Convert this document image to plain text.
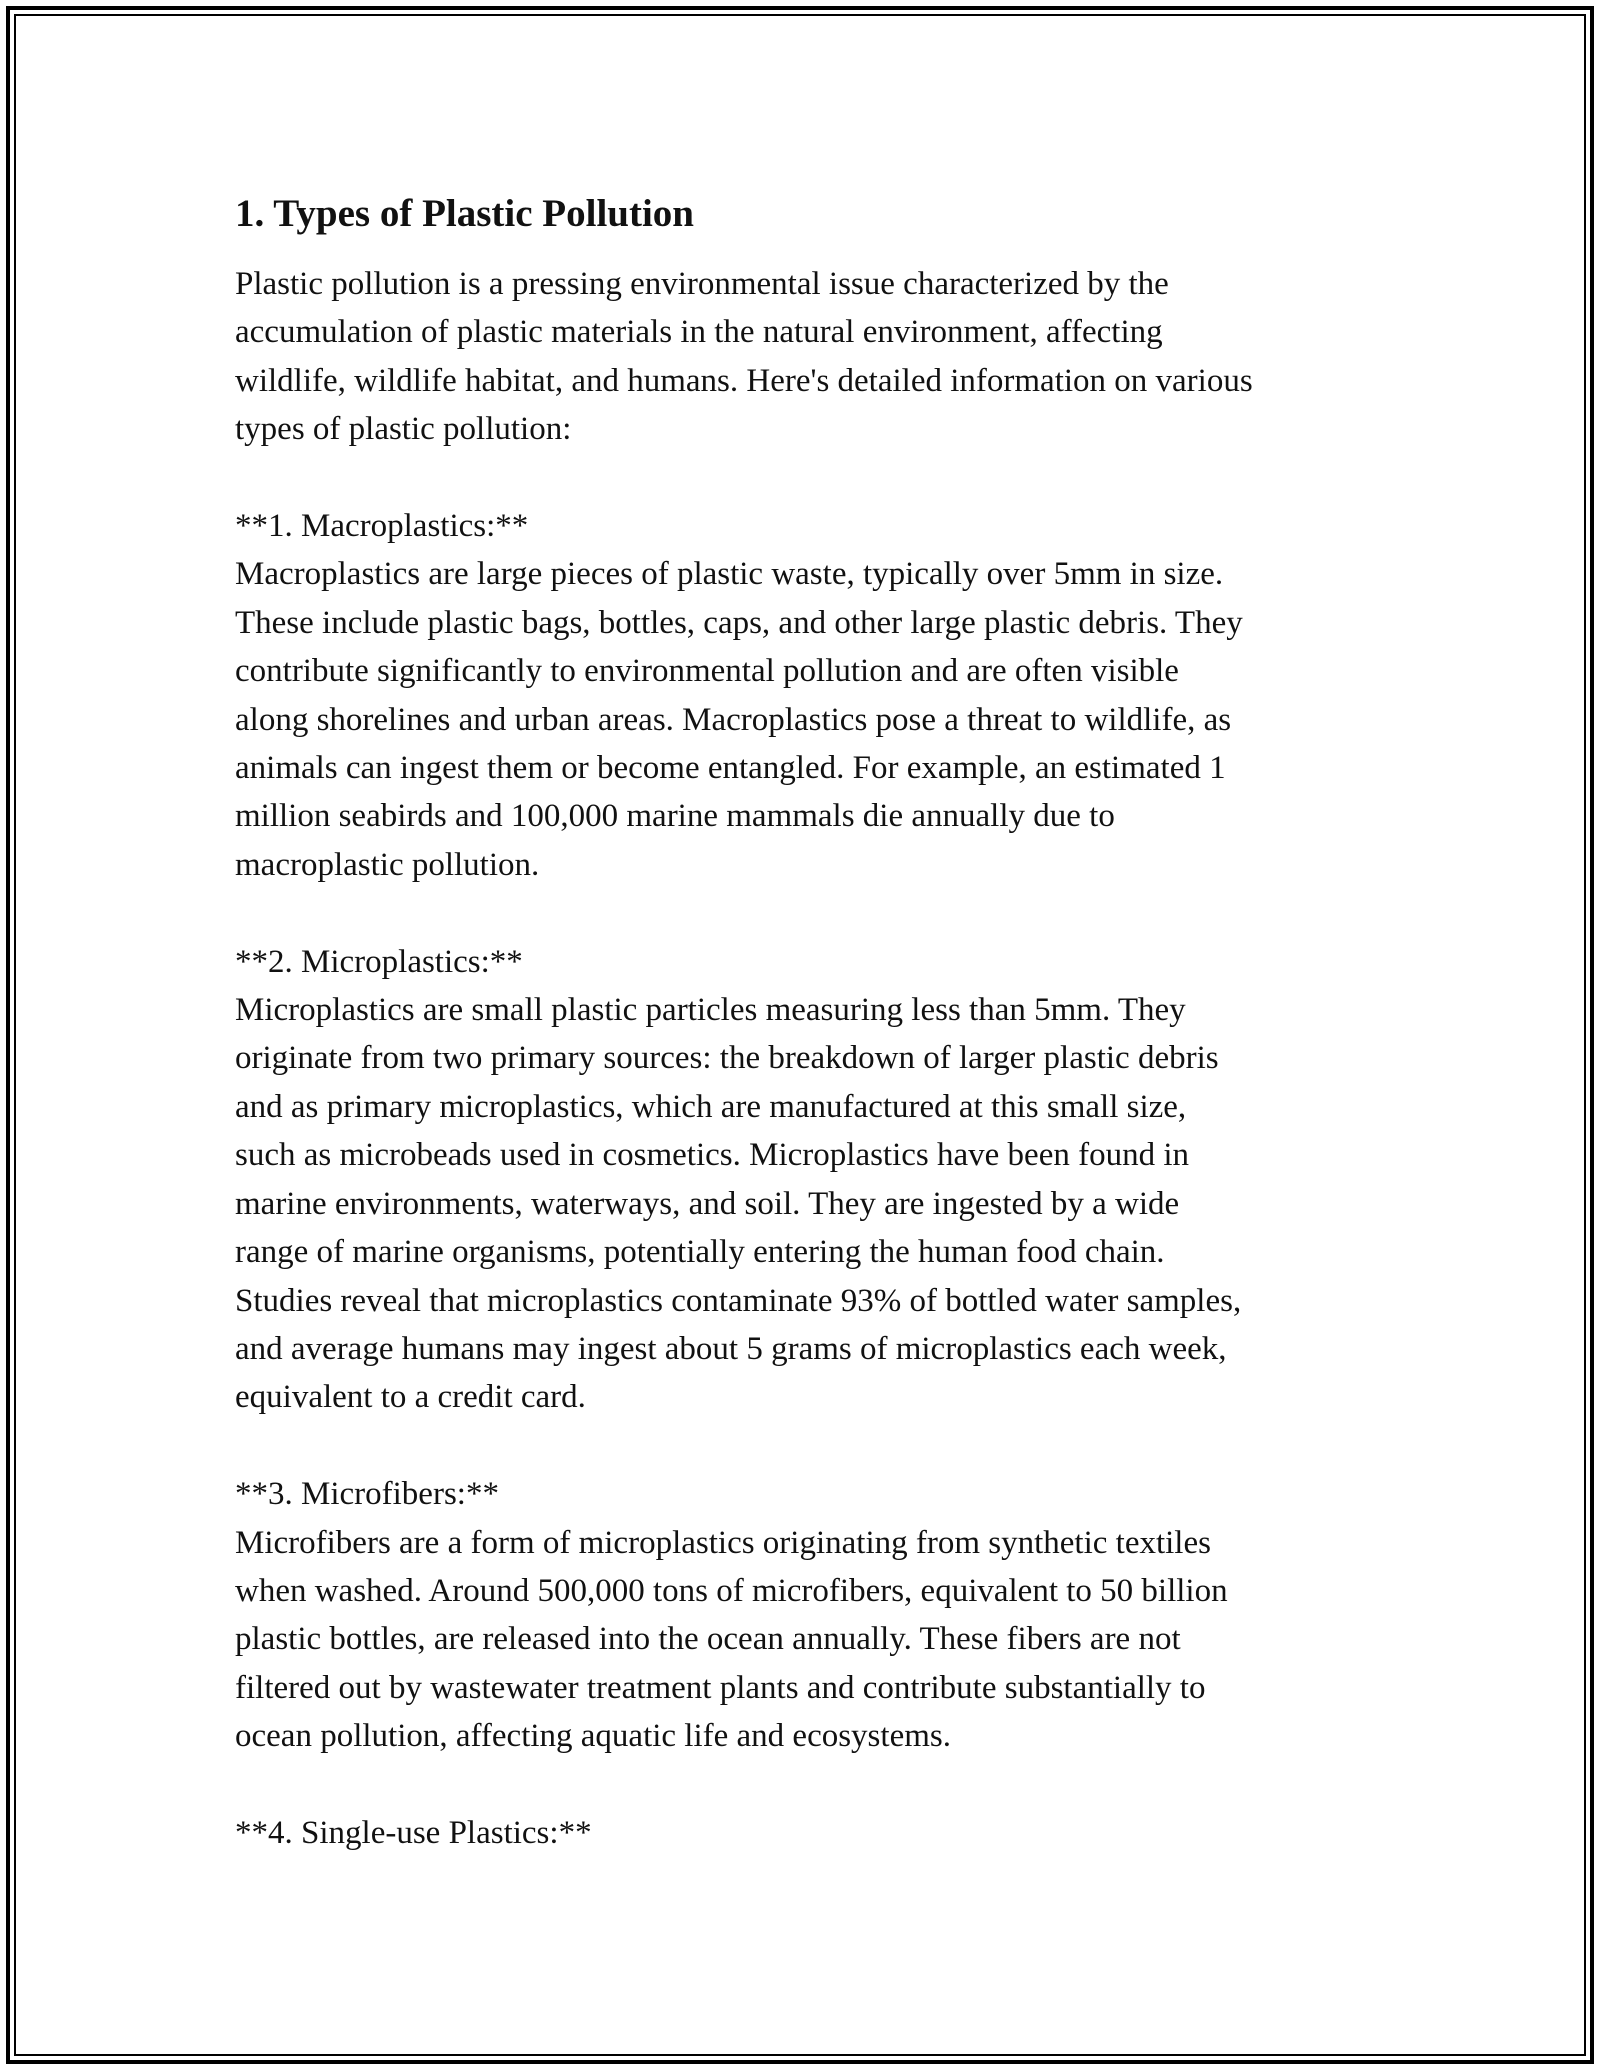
1. Types of Plastic Pollution

Plastic pollution is a pressing environmental issue characterized by the
accumulation of plastic materials in the natural environment, affecting
wildlife, wildlife habitat, and humans. Here's detailed information on various
types of plastic pollution:

**1. Macroplastics:**

Macroplastics are large pieces of plastic waste, typically over 5mm in size.
These include plastic bags, bottles, caps, and other large plastic debris. They
contribute significantly to environmental pollution and are often visible
along shorelines and urban areas. Macroplastics pose a threat to wildlife, as
animals can ingest them or become entangled. For example, an estimated 1
million seabirds and 100,000 marine mammals die annually due to
macroplastic pollution.

**2. Microplastics:**

Microplastics are small plastic particles measuring less than 5mm. They
originate from two primary sources: the breakdown of larger plastic debris
and as primary microplastics, which are manufactured at this small size,
such as microbeads used in cosmetics. Microplastics have been found in
marine environments, waterways, and soil. They are ingested by a wide
range of marine organisms, potentially entering the human food chain.
Studies reveal that microplastics contaminate 93% of bottled water samples,
and average humans may ingest about 5 grams of microplastics each week,
equivalent to a credit card.

**3. Microfibers:**

Microfibers are a form of microplastics originating from synthetic textiles
when washed. Around 500,000 tons of microfibers, equivalent to 50 billion
plastic bottles, are released into the ocean annually. These fibers are not
filtered out by wastewater treatment plants and contribute substantially to
ocean pollution, affecting aquatic life and ecosystems.

**4. Single-use Plastics:**
